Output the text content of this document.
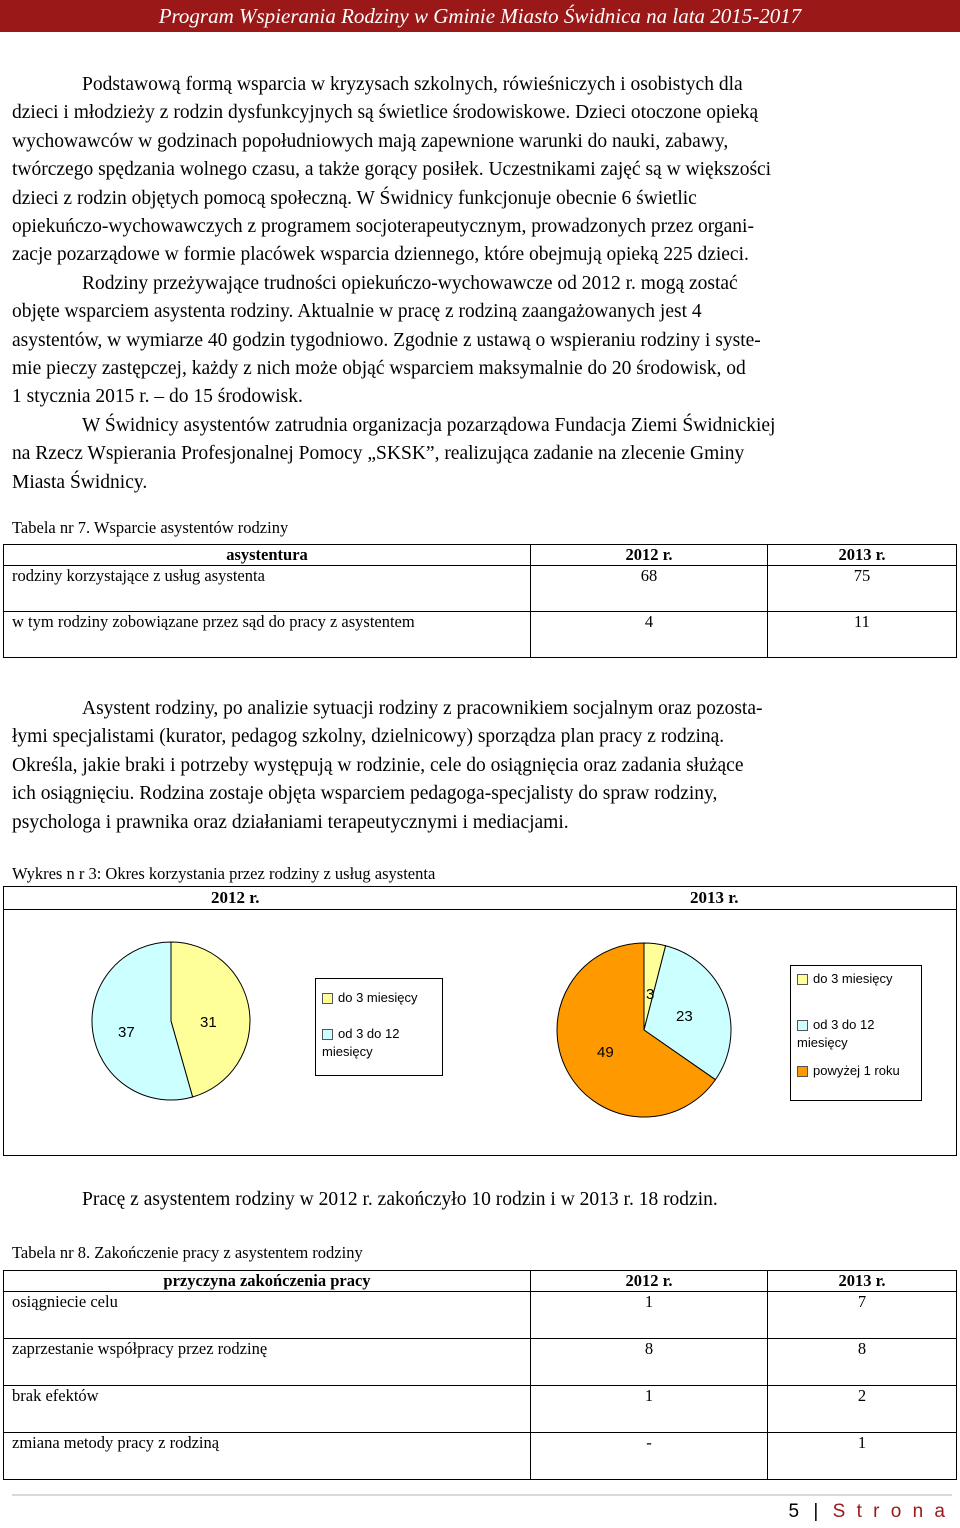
Program Wspierania Rodziny w Gminie Miasto Świdnica na lata 2015-2017
Podstawową formą wsparcia w kryzysach szkolnych, rówieśniczych i osobistych dla
dzieci i młodzieży z rodzin dysfunkcyjnych są świetlice środowiskowe. Dzieci otoczone opieką
wychowawców w godzinach popołudniowych mają zapewnione warunki do nauki, zabawy,
twórczego spędzania wolnego czasu, a także gorący posiłek. Uczestnikami zajęć są w większości
dzieci z rodzin objętych pomocą społeczną. W Świdnicy funkcjonuje obecnie 6 świetlic
opiekuńczo-wychowawczych z programem socjoterapeutycznym, prowadzonych przez organi-
zacje pozarządowe w formie placówek wsparcia dziennego, które obejmują opieką 225 dzieci.
Rodziny przeżywające trudności opiekuńczo-wychowawcze od 2012 r. mogą zostać
objęte wsparciem asystenta rodziny. Aktualnie w pracę z rodziną zaangażowanych jest 4
asystentów, w wymiarze 40 godzin tygodniowo. Zgodnie z ustawą o wspieraniu rodziny i syste-
mie pieczy zastępczej, każdy z nich może objąć wsparciem maksymalnie do 20 środowisk, od
1 stycznia 2015 r. – do 15 środowisk.
W Świdnicy asystentów zatrudnia organizacja pozarządowa Fundacja Ziemi Świdnickiej
na Rzecz Wspierania Profesjonalnej Pomocy „SKSK”, realizująca zadanie na zlecenie Gminy
Miasta Świdnicy.
Tabela nr 7. Wsparcie asystentów rodziny
asystentura	2012 r.	2013 r.
rodziny korzystające z usług asystenta	68	75
w tym rodziny zobowiązane przez sąd do pracy z asystentem	4	11
Asystent rodziny, po analizie sytuacji rodziny z pracownikiem socjalnym oraz pozosta-
łymi specjalistami (kurator, pedagog szkolny, dzielnicowy) sporządza plan pracy z rodziną.
Określa, jakie braki i potrzeby występują w rodzinie, cele do osiągnięcia oraz zadania służące
ich osiągnięciu. Rodzina zostaje objęta wsparciem pedagoga-specjalisty do spraw rodziny,
psychologa i prawnika oraz działaniami terapeutycznymi i mediacjami.
Wykres n r 3: Okres korzystania przez rodziny z usług asystenta
2012 r.	2013 r.
37
31
3
23
49
do 3 miesięcy
od 3 do 12
miesięcy
do 3 miesięcy
od 3 do 12
miesięcy
powyżej 1 roku
Pracę z asystentem rodziny w 2012 r. zakończyło 10 rodzin i w 2013 r. 18 rodzin.
Tabela nr 8. Zakończenie pracy z asystentem rodziny
przyczyna zakończenia pracy	2012 r.	2013 r.
osiągniecie celu	1	7
zaprzestanie współpracy przez rodzinę	8	8
brak efektów	1	2
zmiana metody pracy z rodziną	-	1
5 | S t r o n a
